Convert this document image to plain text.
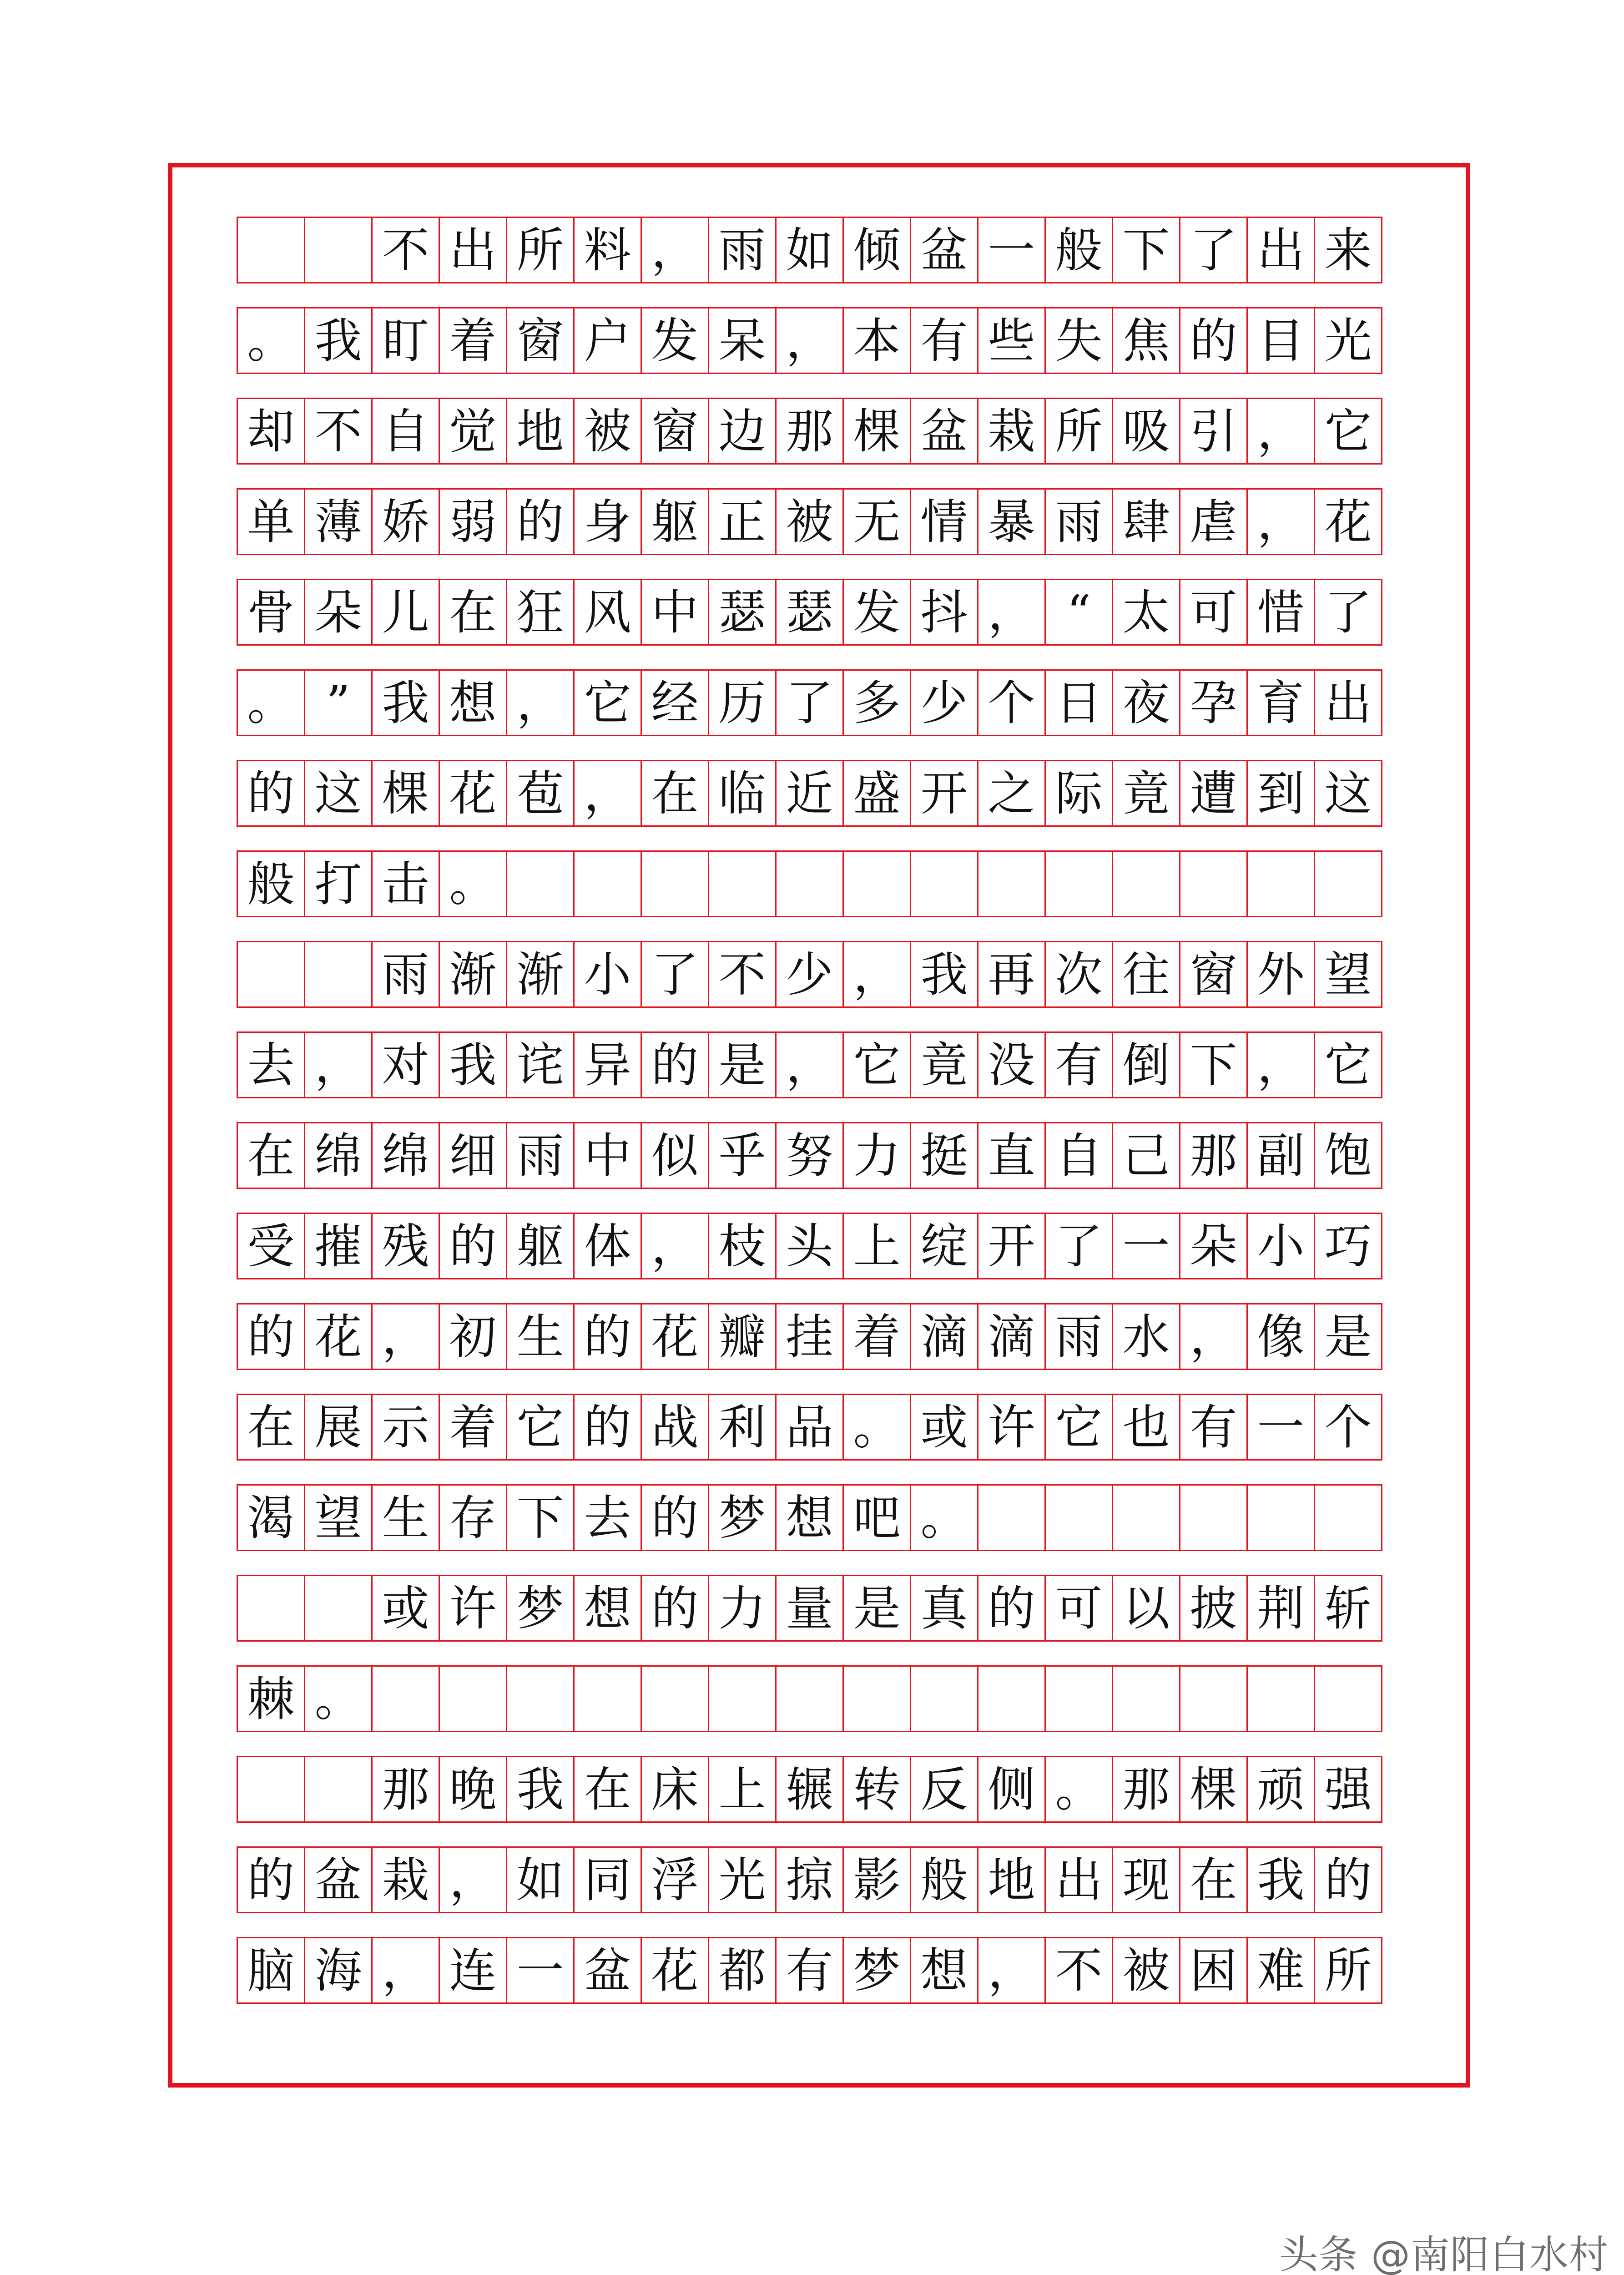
不 出 所 料 ， 雨 如 倾 盆 一 般 下 了 出 来
。 我 盯 着 窗 户 发 呆 ， 本 有 些 失 焦 的 目 光
却 不 自 觉 地 被 窗 边 那 棵 盆 栽 所 吸 引 ， 它
单 薄 娇 弱 的 身 躯 正 被 无 情 暴 雨 肆 虐 ， 花
骨 朵 儿 在 狂 风 中 瑟 瑟 发 抖 ， “ 太 可 惜 了
。 ” 我 想 ， 它 经 历 了 多 少 个 日 夜 孕 育 出
的 这 棵 花 苞 ， 在 临 近 盛 开 之 际 竟 遭 到 这
般 打 击 。
雨 渐 渐 小 了 不 少 ， 我 再 次 往 窗 外 望
去 ， 对 我 诧 异 的 是 ， 它 竟 没 有 倒 下 ， 它
在 绵 绵 细 雨 中 似 乎 努 力 挺 直 自 己 那 副 饱
受 摧 残 的 躯 体 ， 枝 头 上 绽 开 了 一 朵 小 巧
的 花 ， 初 生 的 花 瓣 挂 着 滴 滴 雨 水 ， 像 是
在 展 示 着 它 的 战 利 品 。 或 许 它 也 有 一 个
渴 望 生 存 下 去 的 梦 想 吧 。
或 许 梦 想 的 力 量 是 真 的 可 以 披 荆 斩
棘 。
那 晚 我 在 床 上 辗 转 反 侧 。 那 棵 顽 强
的 盆 栽 ， 如 同 浮 光 掠 影 般 地 出 现 在 我 的
脑 海 ， 连 一 盆 花 都 有 梦 想 ， 不 被 困 难 所
头条 @南阳白水村
